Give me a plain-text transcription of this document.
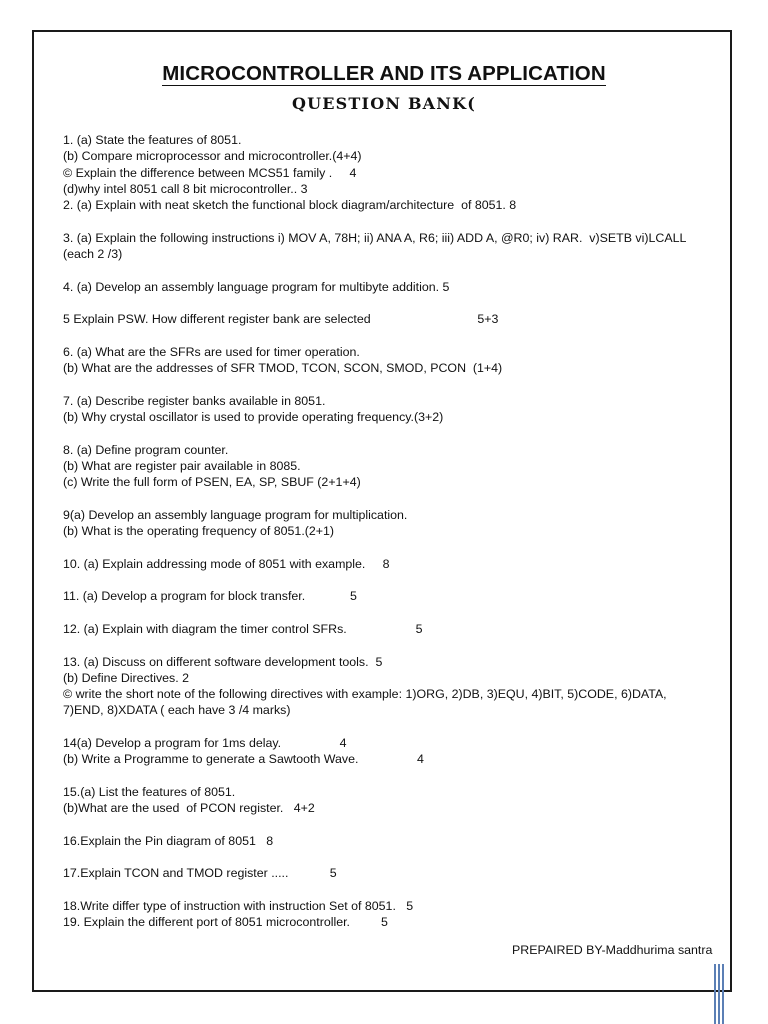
MICROCONTROLLER AND ITS APPLICATION
QUESTION BANK(
1. (a) State the features of 8051.
(b) Compare microprocessor and microcontroller.(4+4)
© Explain the difference between MCS51 family .     4
(d)why intel 8051 call 8 bit microcontroller.. 3
2. (a) Explain with neat sketch the functional block diagram/architecture  of 8051. 8
3. (a) Explain the following instructions i) MOV A, 78H; ii) ANA A, R6; iii) ADD A, @R0; iv) RAR.  v)SETB vi)LCALL
(each 2 /3)
4. (a) Develop an assembly language program for multibyte addition. 5
5 Explain PSW. How different register bank are selected                               5+3
6. (a) What are the SFRs are used for timer operation.
(b) What are the addresses of SFR TMOD, TCON, SCON, SMOD, PCON  (1+4)
7. (a) Describe register banks available in 8051.
(b) Why crystal oscillator is used to provide operating frequency.(3+2)
8. (a) Define program counter.
(b) What are register pair available in 8085.
(c) Write the full form of PSEN, EA, SP, SBUF (2+1+4)
9(a) Develop an assembly language program for multiplication.
(b) What is the operating frequency of 8051.(2+1)
10. (a) Explain addressing mode of 8051 with example.     8
11. (a) Develop a program for block transfer.             5
12. (a) Explain with diagram the timer control SFRs.                    5
13. (a) Discuss on different software development tools.  5
(b) Define Directives. 2
© write the short note of the following directives with example: 1)ORG, 2)DB, 3)EQU, 4)BIT, 5)CODE, 6)DATA,
7)END, 8)XDATA ( each have 3 /4 marks)
14(a) Develop a program for 1ms delay.                 4
(b) Write a Programme to generate a Sawtooth Wave.                 4
15.(a) List the features of 8051.
(b)What are the used  of PCON register.   4+2
16.Explain the Pin diagram of 8051   8
17.Explain TCON and TMOD register .....            5
18.Write differ type of instruction with instruction Set of 8051.   5
19. Explain the different port of 8051 microcontroller.         5
PREPAIRED BY-Maddhurima santra
